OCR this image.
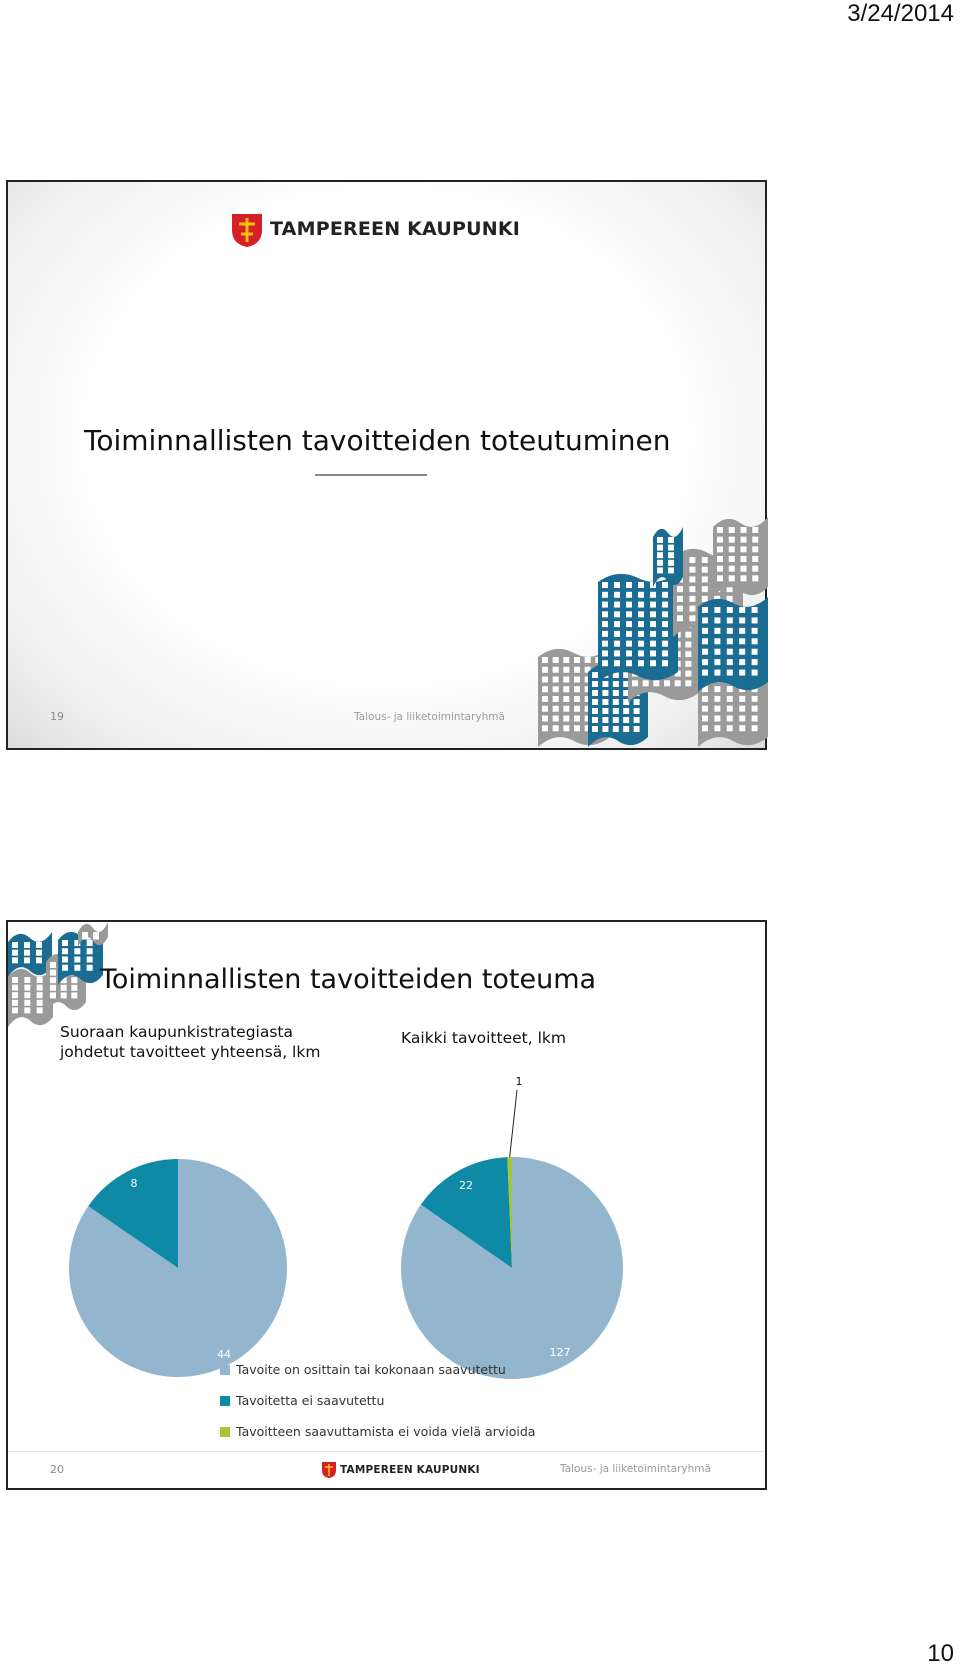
3/24/2014
TAMPEREEN KAUPUNKI
Toiminnallisten tavoitteiden toteutuminen
19	Talous- ja liiketoimintaryhmä
Toiminnallisten tavoitteiden toteuma
Suoraan kaupunkistrategiasta
johdetut tavoitteet yhteensä, lkm
Kaikki tavoitteet, lkm
44
8
127
22
1
Tavoite on osittain tai kokonaan saavutettu
Tavoitetta ei saavutettu
Tavoitteen saavuttamista ei voida vielä arvioida
20	TAMPEREEN KAUPUNKI	Talous- ja liiketoimintaryhmä
10
